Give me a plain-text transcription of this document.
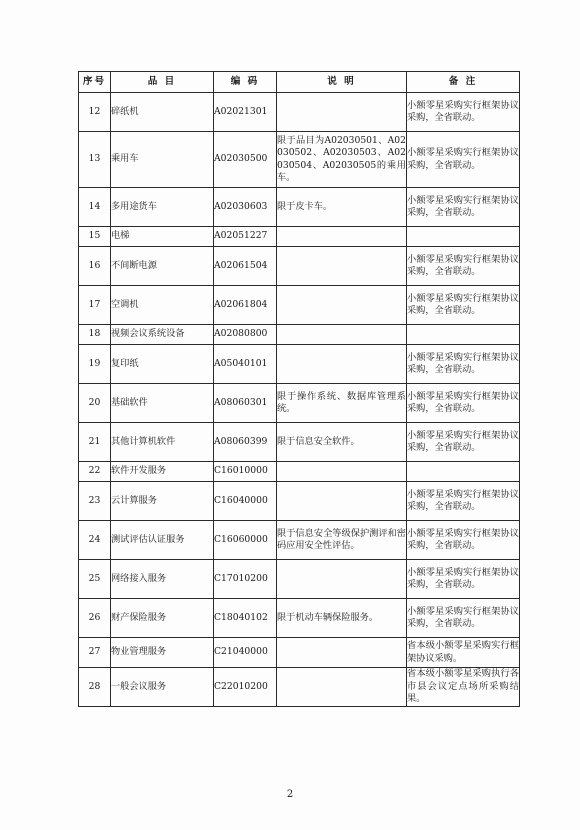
序号	品 目	编 码	说 明	备 注
12	碎纸机	A02021301		小额零星采购实行框架协议采购，全省联动。
13	乘用车	A02030500	限于品目为A02030501、A02030502、A02030503、A02030504、A02030505的乘用车。	小额零星采购实行框架协议采购，全省联动。
14	多用途货车	A02030603	限于皮卡车。	小额零星采购实行框架协议采购，全省联动。
15	电梯	A02051227		
16	不间断电源	A02061504		小额零星采购实行框架协议采购，全省联动。
17	空调机	A02061804		小额零星采购实行框架协议采购，全省联动。
18	视频会议系统设备	A02080800		
19	复印纸	A05040101		小额零星采购实行框架协议采购，全省联动。
20	基础软件	A08060301	限于操作系统、数据库管理系统。	小额零星采购实行框架协议采购，全省联动。
21	其他计算机软件	A08060399	限于信息安全软件。	小额零星采购实行框架协议采购，全省联动。
22	软件开发服务	C16010000		
23	云计算服务	C16040000		小额零星采购实行框架协议采购，全省联动。
24	测试评估认证服务	C16060000	限于信息安全等级保护测评和密码应用安全性评估。	小额零星采购实行框架协议采购，全省联动。
25	网络接入服务	C17010200		小额零星采购实行框架协议采购，全省联动。
26	财产保险服务	C18040102	限于机动车辆保险服务。	小额零星采购实行框架协议采购，全省联动。
27	物业管理服务	C21040000		省本级小额零星采购实行框架协议采购。
28	一般会议服务	C22010200		省本级小额零星采购执行各市县会议定点场所采购结果。
2
